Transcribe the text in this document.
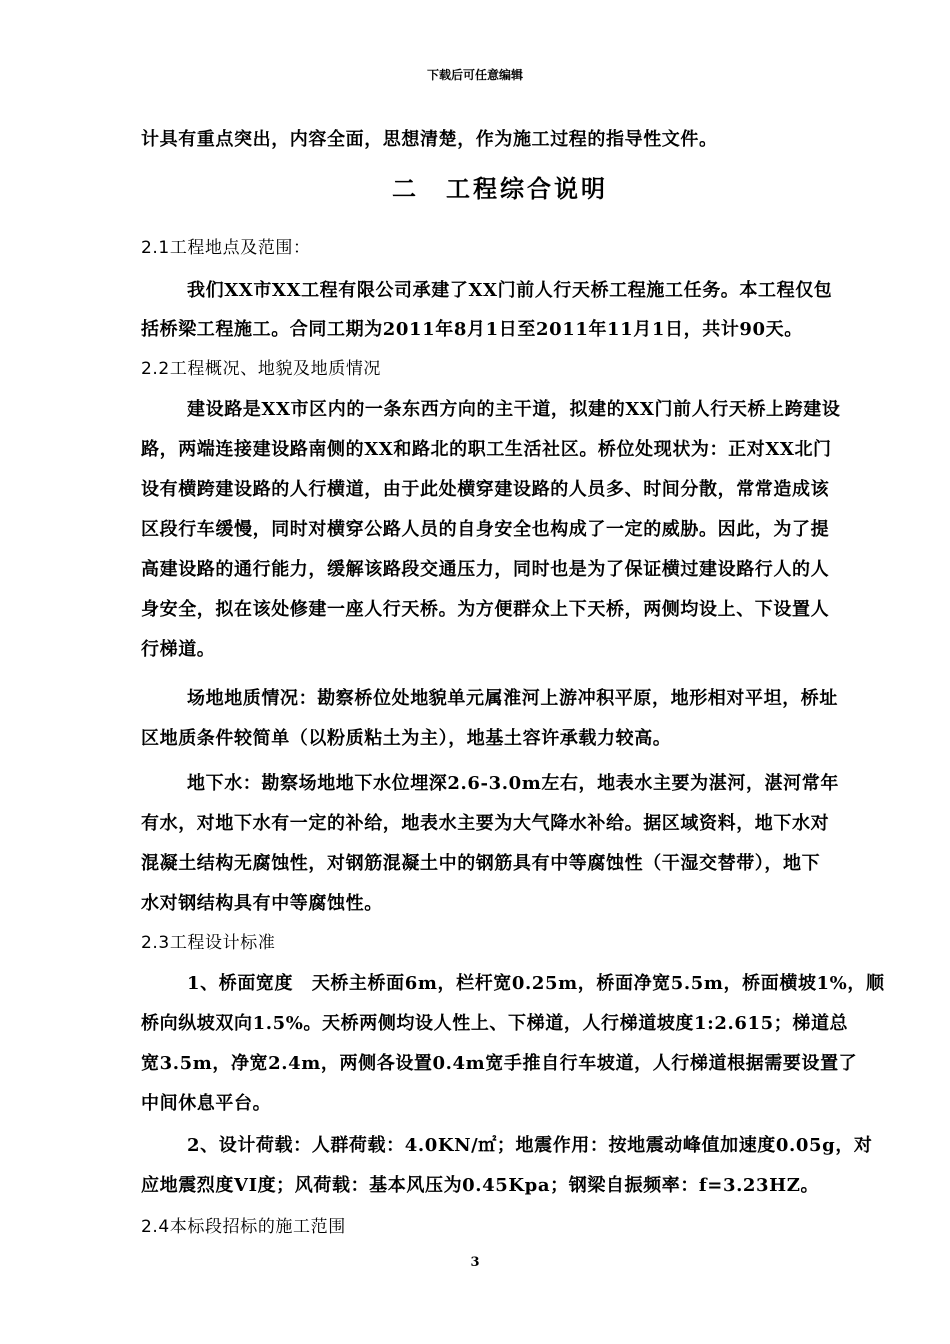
下载后可任意编辑
计具有重点突出，内容全面，思想清楚，作为施工过程的指导性文件。
二　工程综合说明
2.1工程地点及范围：
我们XX市XX工程有限公司承建了XX门前人行天桥工程施工任务。本工程仅包
括桥梁工程施工。合同工期为2011年8月1日至2011年11月1日，共计90天。
2.2工程概况、地貌及地质情况
建设路是XX市区内的一条东西方向的主干道，拟建的XX门前人行天桥上跨建设
路，两端连接建设路南侧的XX和路北的职工生活社区。桥位处现状为：正对XX北门
设有横跨建设路的人行横道，由于此处横穿建设路的人员多、时间分散，常常造成该
区段行车缓慢，同时对横穿公路人员的自身安全也构成了一定的威胁。因此，为了提
高建设路的通行能力，缓解该路段交通压力，同时也是为了保证横过建设路行人的人
身安全，拟在该处修建一座人行天桥。为方便群众上下天桥，两侧均设上、下设置人
行梯道。
场地地质情况：勘察桥位处地貌单元属淮河上游冲积平原，地形相对平坦，桥址
区地质条件较简单（以粉质粘土为主），地基土容许承载力较高。
地下水：勘察场地地下水位埋深2.6-3.0m左右，地表水主要为湛河，湛河常年
有水，对地下水有一定的补给，地表水主要为大气降水补给。据区域资料，地下水对
混凝土结构无腐蚀性，对钢筋混凝土中的钢筋具有中等腐蚀性（干湿交替带），地下
水对钢结构具有中等腐蚀性。
2.3工程设计标准
1、桥面宽度　天桥主桥面6m，栏杆宽0.25m，桥面净宽5.5m，桥面横坡1%，顺
桥向纵坡双向1.5%。天桥两侧均设人性上、下梯道，人行梯道坡度1:2.615；梯道总
宽3.5m，净宽2.4m，两侧各设置0.4m宽手推自行车坡道，人行梯道根据需要设置了
中间休息平台。
2、设计荷载：人群荷载：4.0KN/㎡；地震作用：按地震动峰值加速度0.05g，对
应地震烈度VI度；风荷载：基本风压为0.45Kpa；钢梁自振频率：f=3.23HZ。
2.4本标段招标的施工范围
3
